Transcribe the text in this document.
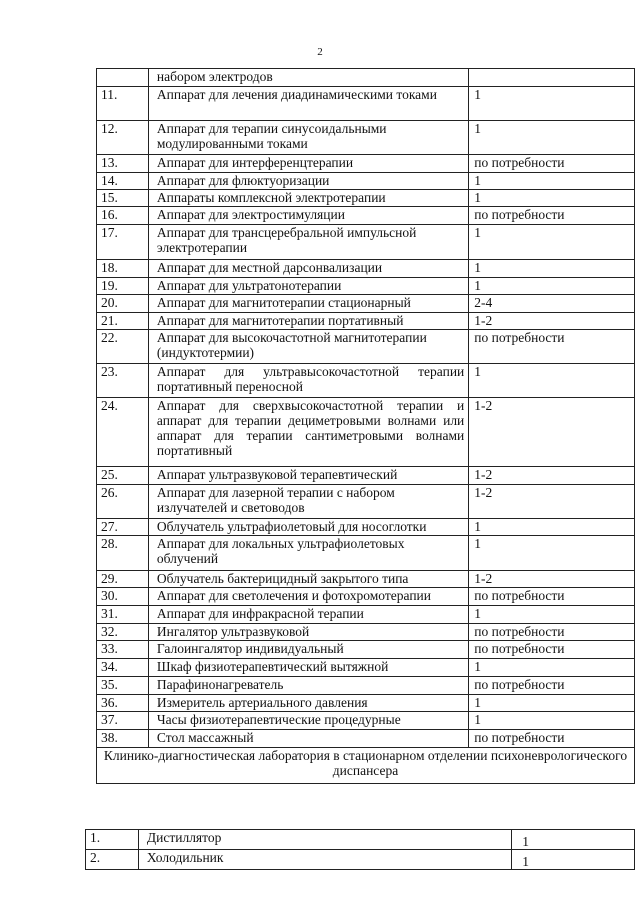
2
	набором электродов	
11.	Аппарат для лечения диадинамическими токами	1
12.	Аппарат для терапии синусоидальными модулированными токами	1
13.	Аппарат для интерференцтерапии	по потребности
14.	Аппарат для флюктуоризации	1
15.	Аппараты комплексной электротерапии	1
16.	Аппарат для электростимуляции	по потребности
17.	Аппарат для трансцеребральной импульсной электротерапии	1
18.	Аппарат для местной дарсонвализации	1
19.	Аппарат для ультратонотерапии	1
20.	Аппарат для магнитотерапии стационарный	2-4
21.	Аппарат для магнитотерапии портативный	1-2
22.	Аппарат для высокочастотной магнитотерапии (индуктотермии)	по потребности
23.	Аппарат для ультравысокочастотной терапии портативный переносной	1
24.	Аппарат для сверхвысокочастотной терапии и аппарат для терапии дециметровыми волнами или аппарат для терапии сантиметровыми волнами портативный	1-2
25.	Аппарат ультразвуковой терапевтический	1-2
26.	Аппарат для лазерной терапии с набором излучателей и световодов	1-2
27.	Облучатель ультрафиолетовый для носоглотки	1
28.	Аппарат для локальных ультрафиолетовых облучений	1
29.	Облучатель бактерицидный закрытого типа	1-2
30.	Аппарат для светолечения и фотохромотерапии	по потребности
31.	Аппарат для инфракрасной терапии	1
32.	Ингалятор ультразвуковой	по потребности
33.	Галоингалятор индивидуальный	по потребности
34.	Шкаф физиотерапевтический вытяжной	1
35.	Парафинонагреватель	по потребности
36.	Измеритель артериального давления	1
37.	Часы физиотерапевтические процедурные	1
38.	Стол массажный	по потребности
Клинико-диагностическая лаборатория в стационарном отделении психоневрологического диспансера		
1.	Дистиллятор	1
2.	Холодильник	1
